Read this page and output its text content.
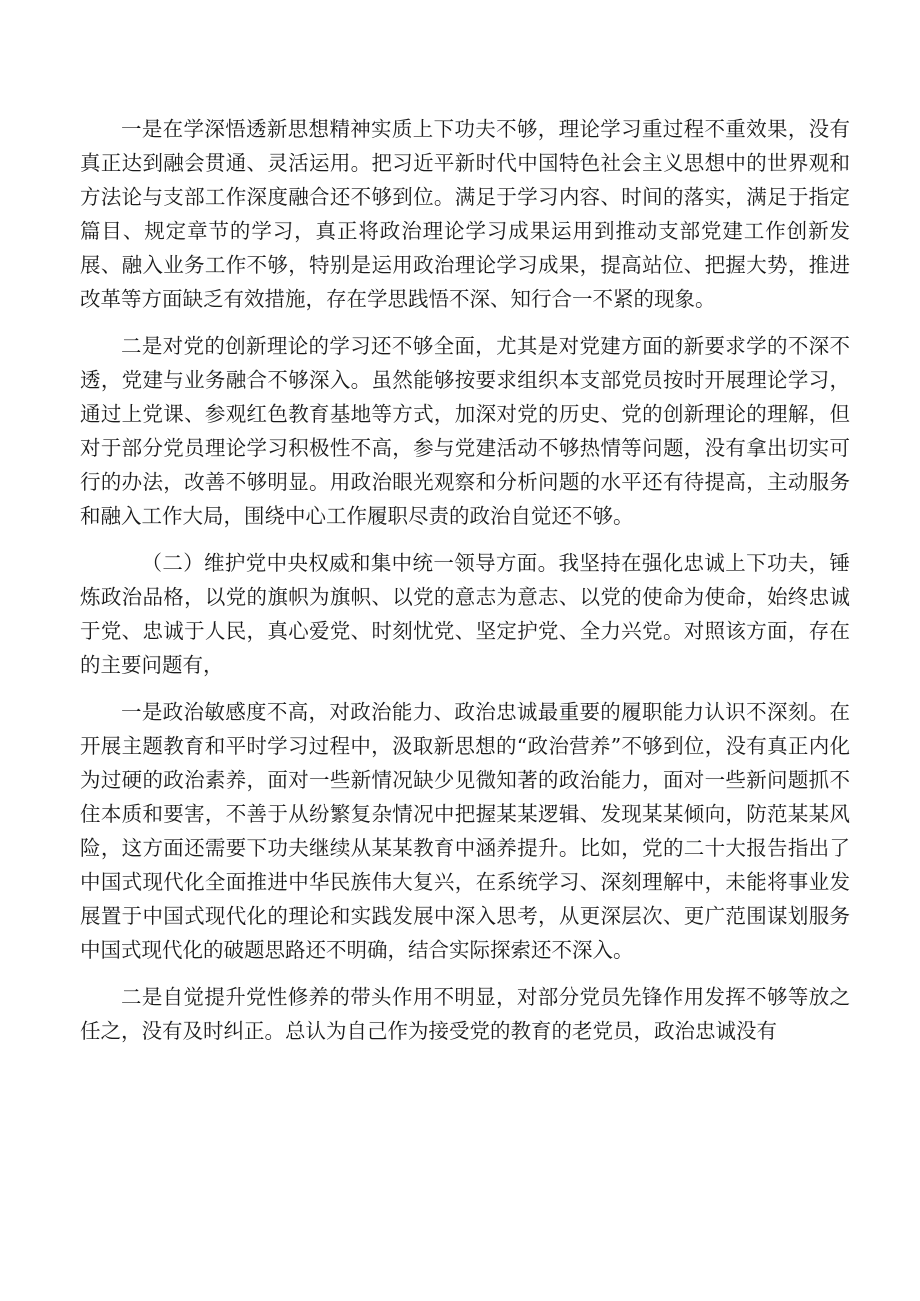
一是在学深悟透新思想精神实质上下功夫不够，理论学习重过程不重效果，没有真正达到融会贯通、灵活运用。把习近平新时代中国特色社会主义思想中的世界观和方法论与支部工作深度融合还不够到位。满足于学习内容、时间的落实，满足于指定篇目、规定章节的学习，真正将政治理论学习成果运用到推动支部党建工作创新发展、融入业务工作不够，特别是运用政治理论学习成果，提高站位、把握大势，推进改革等方面缺乏有效措施，存在学思践悟不深、知行合一不紧的现象。

二是对党的创新理论的学习还不够全面，尤其是对党建方面的新要求学的不深不透，党建与业务融合不够深入。虽然能够按要求组织本支部党员按时开展理论学习，通过上党课、参观红色教育基地等方式，加深对党的历史、党的创新理论的理解，但对于部分党员理论学习积极性不高，参与党建活动不够热情等问题，没有拿出切实可行的办法，改善不够明显。用政治眼光观察和分析问题的水平还有待提高，主动服务和融入工作大局，围绕中心工作履职尽责的政治自觉还不够。

（二）维护党中央权威和集中统一领导方面。我坚持在强化忠诚上下功夫，锤炼政治品格，以党的旗帜为旗帜、以党的意志为意志、以党的使命为使命，始终忠诚于党、忠诚于人民，真心爱党、时刻忧党、坚定护党、全力兴党。对照该方面，存在的主要问题有，

一是政治敏感度不高，对政治能力、政治忠诚最重要的履职能力认识不深刻。在开展主题教育和平时学习过程中，汲取新思想的“政治营养”不够到位，没有真正内化为过硬的政治素养，面对一些新情况缺少见微知著的政治能力，面对一些新问题抓不住本质和要害，不善于从纷繁复杂情况中把握某某逻辑、发现某某倾向，防范某某风险，这方面还需要下功夫继续从某某教育中涵养提升。比如，党的二十大报告指出了中国式现代化全面推进中华民族伟大复兴，在系统学习、深刻理解中，未能将事业发展置于中国式现代化的理论和实践发展中深入思考，从更深层次、更广范围谋划服务中国式现代化的破题思路还不明确，结合实际探索还不深入。

二是自觉提升党性修养的带头作用不明显，对部分党员先锋作用发挥不够等放之任之，没有及时纠正。总认为自己作为接受党的教育的老党员，政治忠诚没有
